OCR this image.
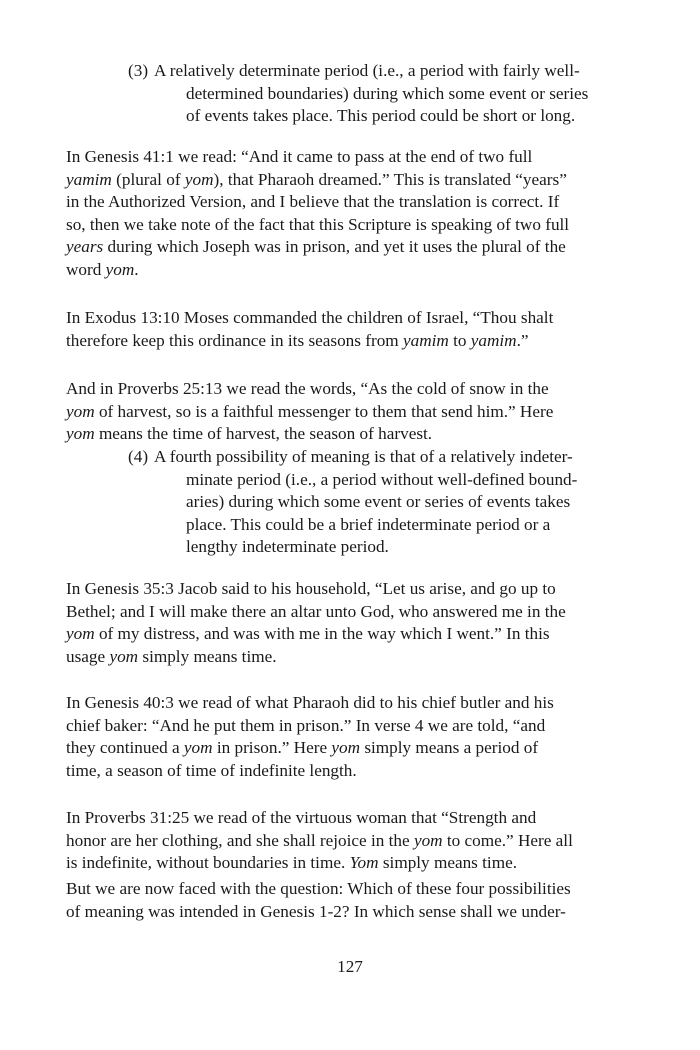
(3) A relatively determinate period (i.e., a period with fairly well-
determined boundaries) during which some event or series
of events takes place. This period could be short or long.
In Genesis 41:1 we read: “And it came to pass at the end of two full
yamim (plural of yom), that Pharaoh dreamed.” This is translated “years”
in the Authorized Version, and I believe that the translation is correct. If
so, then we take note of the fact that this Scripture is speaking of two full
years during which Joseph was in prison, and yet it uses the plural of the
word yom.
In Exodus 13:10 Moses commanded the children of Israel, “Thou shalt
therefore keep this ordinance in its seasons from yamim to yamim.”
And in Proverbs 25:13 we read the words, “As the cold of snow in the
yom of harvest, so is a faithful messenger to them that send him.” Here
yom means the time of harvest, the season of harvest.
(4) A fourth possibility of meaning is that of a relatively indeter-
minate period (i.e., a period without well-defined bound-
aries) during which some event or series of events takes
place. This could be a brief indeterminate period or a
lengthy indeterminate period.
In Genesis 35:3 Jacob said to his household, “Let us arise, and go up to
Bethel; and I will make there an altar unto God, who answered me in the
yom of my distress, and was with me in the way which I went.” In this
usage yom simply means time.
In Genesis 40:3 we read of what Pharaoh did to his chief butler and his
chief baker: “And he put them in prison.” In verse 4 we are told, “and
they continued a yom in prison.” Here yom simply means a period of
time, a season of time of indefinite length.
In Proverbs 31:25 we read of the virtuous woman that “Strength and
honor are her clothing, and she shall rejoice in the yom to come.” Here all
is indefinite, without boundaries in time. Yom simply means time.
But we are now faced with the question: Which of these four possibilities
of meaning was intended in Genesis 1-2? In which sense shall we under-
127
